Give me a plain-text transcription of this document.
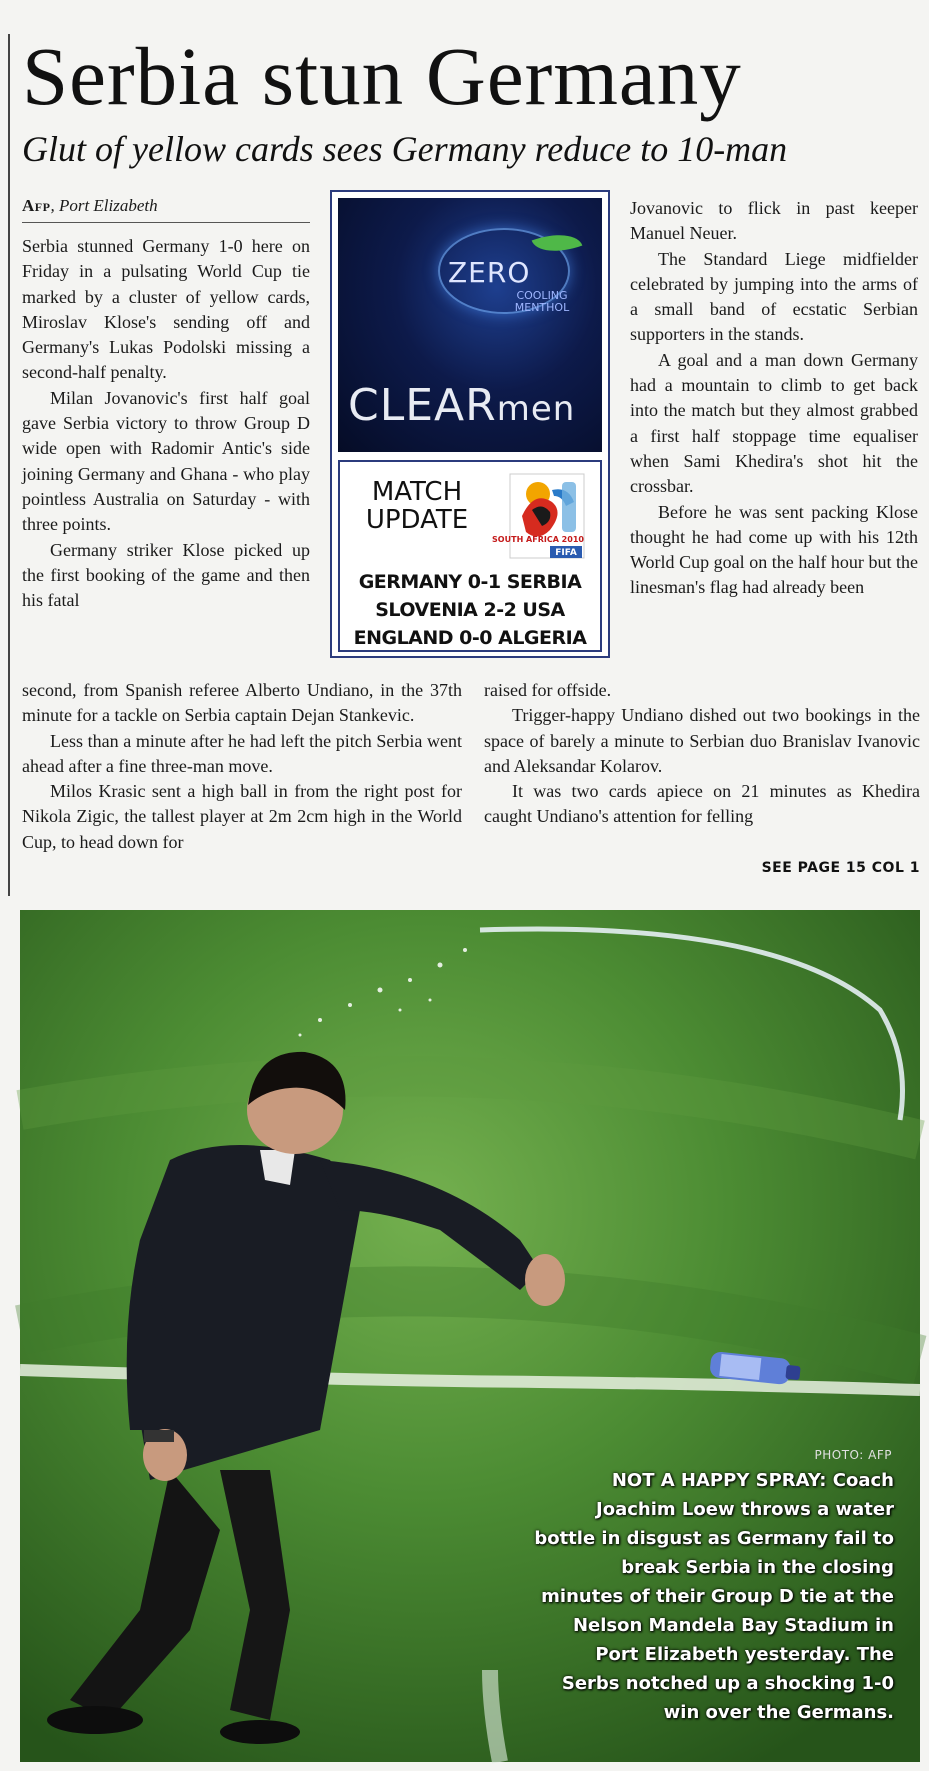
Serbia stun Germany
Glut of yellow cards sees Germany reduce to 10-man
Afp, Port Elizabeth

Serbia stunned Germany 1-0 here on Friday in a pulsating World Cup tie marked by a cluster of yellow cards, Miroslav Klose's sending off and Germany's Lukas Podolski missing a second-half penalty.

Milan Jovanovic's first half goal gave Serbia victory to throw Group D wide open with Radomir Antic's side joining Germany and Ghana - who play pointless Australia on Saturday - with three points.

Germany striker Klose picked up the first booking of the game and then his fatal

ZERO
COOLING MENTHOL
CLEARmen
MATCH
UPDATE
SOUTH AFRICA 2010
FIFA
GERMANY 0-1 SERBIA
SLOVENIA 2-2 USA
ENGLAND 0-0 ALGERIA

Jovanovic to flick in past keeper Manuel Neuer.

The Standard Liege midfielder celebrated by jumping into the arms of a small band of ecstatic Serbian supporters in the stands.

A goal and a man down Germany had a mountain to climb to get back into the match but they almost grabbed a first half stoppage time equaliser when Sami Khedira's shot hit the crossbar.

Before he was sent packing Klose thought he had come up with his 12th World Cup goal on the half hour but the linesman's flag had already been

second, from Spanish referee Alberto Undiano, in the 37th minute for a tackle on Serbia captain Dejan Stankevic.

Less than a minute after he had left the pitch Serbia went ahead after a fine three-man move.

Milos Krasic sent a high ball in from the right post for Nikola Zigic, the tallest player at 2m 2cm high in the World Cup, to head down for

raised for offside.

Trigger-happy Undiano dished out two bookings in the space of barely a minute to Serbian duo Branislav Ivanovic and Aleksandar Kolarov.

It was two cards apiece on 21 minutes as Khedira caught Undiano's attention for felling

SEE PAGE 15 COL 1
PHOTO: AFP
NOT A HAPPY SPRAY: Coach Joachim Loew throws a water bottle in disgust as Germany fail to break Serbia in the closing minutes of their Group D tie at the Nelson Mandela Bay Stadium in Port Elizabeth yesterday. The Serbs notched up a shocking 1-0 win over the Germans.
